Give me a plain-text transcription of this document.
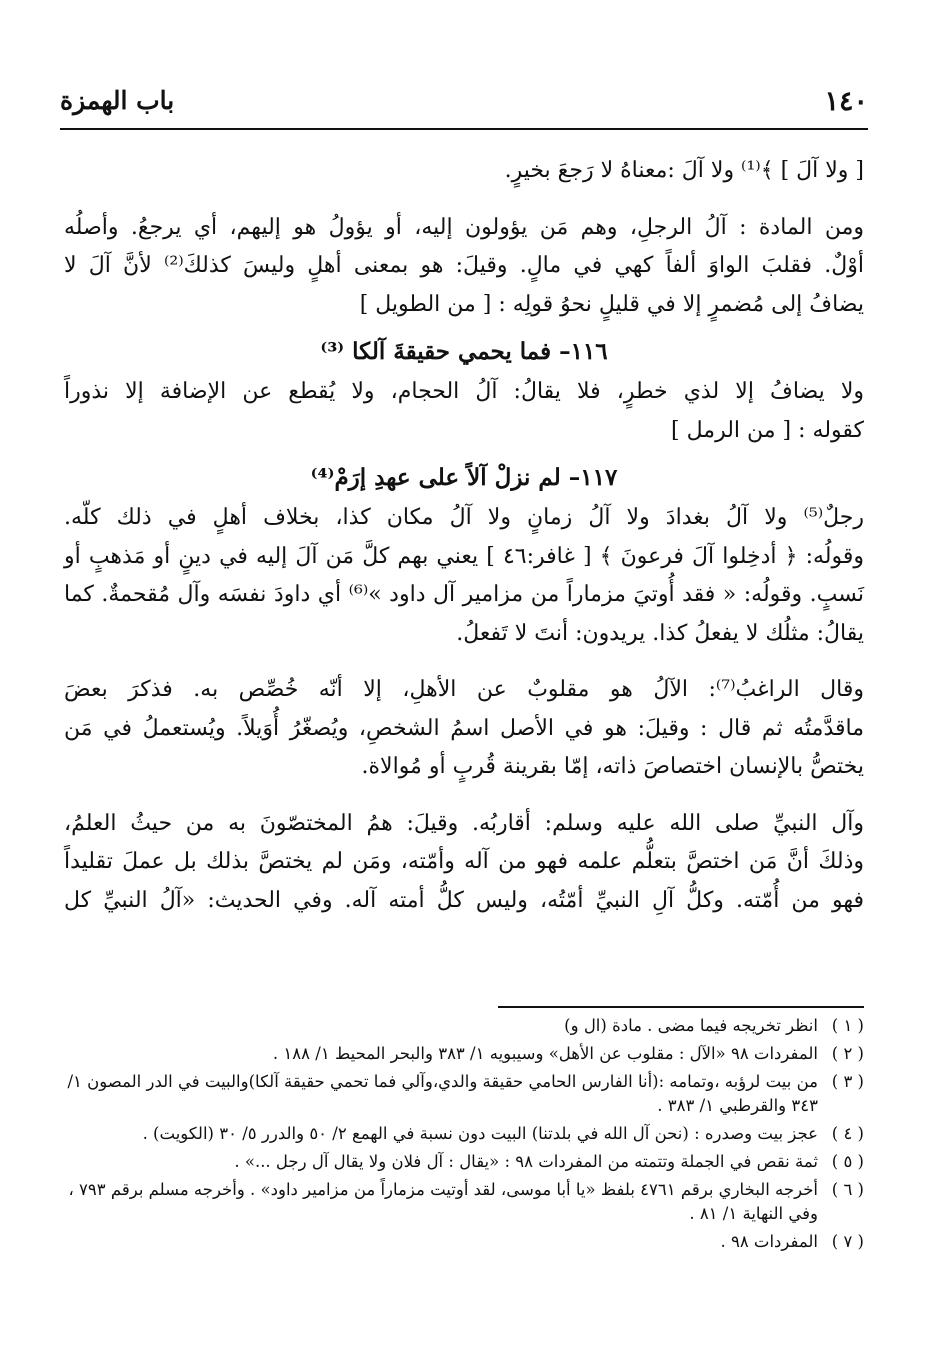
١٤٠
باب الهمزة

[ ولا آلَ ] ﴾⁽¹⁾ ولا آلَ :معناهُ لا رَجعَ بخيرٍ.

ومن المادة : آلُ الرجلِ، وهم مَن يؤولون إليه، أو يؤولُ هو إليهم، أي يرجعُ. وأصلُه
أوْلٌ. فقلبَ الواوَ ألفاً كهي في مالٍ. وقيلَ: هو بمعنى أهلٍ وليسَ كذلكَ⁽²⁾ لأنَّ آلَ لا
يضافُ إلى مُضمرٍ إلا في قليلٍ نحوُ قولِه : [ من الطويل ]

١١٦– فما يحمي حقيقةَ آلكا ⁽³⁾

ولا يضافُ إلا لذي خطرٍ، فلا يقالُ: آلُ الحجام، ولا يُقطع عن الإضافة إلا نذوراً
كقوله : [ من الرمل ]

١١٧– لم نزلْ آلاً على عهدِ إرَمْ⁽⁴⁾

رجلٌ⁽⁵⁾ ولا آلُ بغدادَ ولا آلُ زمانٍ ولا آلُ مكان كذا، بخلاف أهلٍ في ذلك كلّه.
وقولُه: ﴿ أدخِلوا آلَ فرعونَ ﴾ [ غافر:٤٦ ] يعني بهم كلَّ مَن آلَ إليه في دينٍ أو مَذهبٍ أو
نَسبٍ. وقولُه: « فقد أُوتيَ مزماراً من مزامير آل داود »⁽⁶⁾ أي داودَ نفسَه وآل مُقحمةٌ. كما
يقالُ: مثلُك لا يفعلُ كذا. يريدون: أنتَ لا تَفعلُ.

وقال الراغبُ⁽⁷⁾: الآلُ هو مقلوبٌ عن الأهلِ، إلا أنّه خُصِّص به. فذكرَ بعضَ
ماقدَّمتُه ثم قال : وقيلَ: هو في الأصل اسمُ الشخصِ، ويُصغّرُ أُوَيلاً. ويُستعملُ في مَن
يختصُّ بالإنسان اختصاصَ ذاته، إمّا بقرينة قُربٍ أو مُوالاة.

وآل النبيِّ صلى الله عليه وسلم: أقاربُه. وقيلَ: همُ المختصّونَ به من حيثُ العلمُ،
وذلكَ أنَّ مَن اختصَّ بتعلُّم علمه فهو من آله وأمّته، ومَن لم يختصَّ بذلك بل عملَ تقليداً
فهو من أُمّته. وكلُّ آلِ النبيِّ أمّتُه، وليس كلُّ أمته آله. وفي الحديث: «آلُ النبيِّ كل

( ١ )
انظر تخريجه فيما مضى . مادة (ال و)
( ٢ )
المفردات ٩٨ «الآل : مقلوب عن الأهل» وسيبويه ١/ ٣٨٣ والبحر المحيط ١/ ١٨٨ .
( ٣ )
من بيت لرؤبه ،وتمامه :(أنا الفارس الحامي حقيقة والدي،وآلي فما تحمي حقيقة آلكا)والبيت في الدر المصون ١/ ٣٤٣ والقرطبي ١/ ٣٨٣ .
( ٤ )
عجز بيت وصدره : (نحن آل الله في بلدتنا) البيت دون نسبة في الهمع ٢/ ٥٠ والدرر ٥/ ٣٠ (الكويت) .
( ٥ )
ثمة نقص في الجملة وتتمته من المفردات ٩٨ : «يقال : آل فلان ولا يقال آل رجل ...» .
( ٦ )
أخرجه البخاري برقم ٤٧٦١ بلفظ «يا أبا موسى، لقد أوتيت مزماراً من مزامير داود» . وأخرجه مسلم برقم ٧٩٣ ، وفي النهاية ١/ ٨١ .
( ٧ )
المفردات ٩٨ .
